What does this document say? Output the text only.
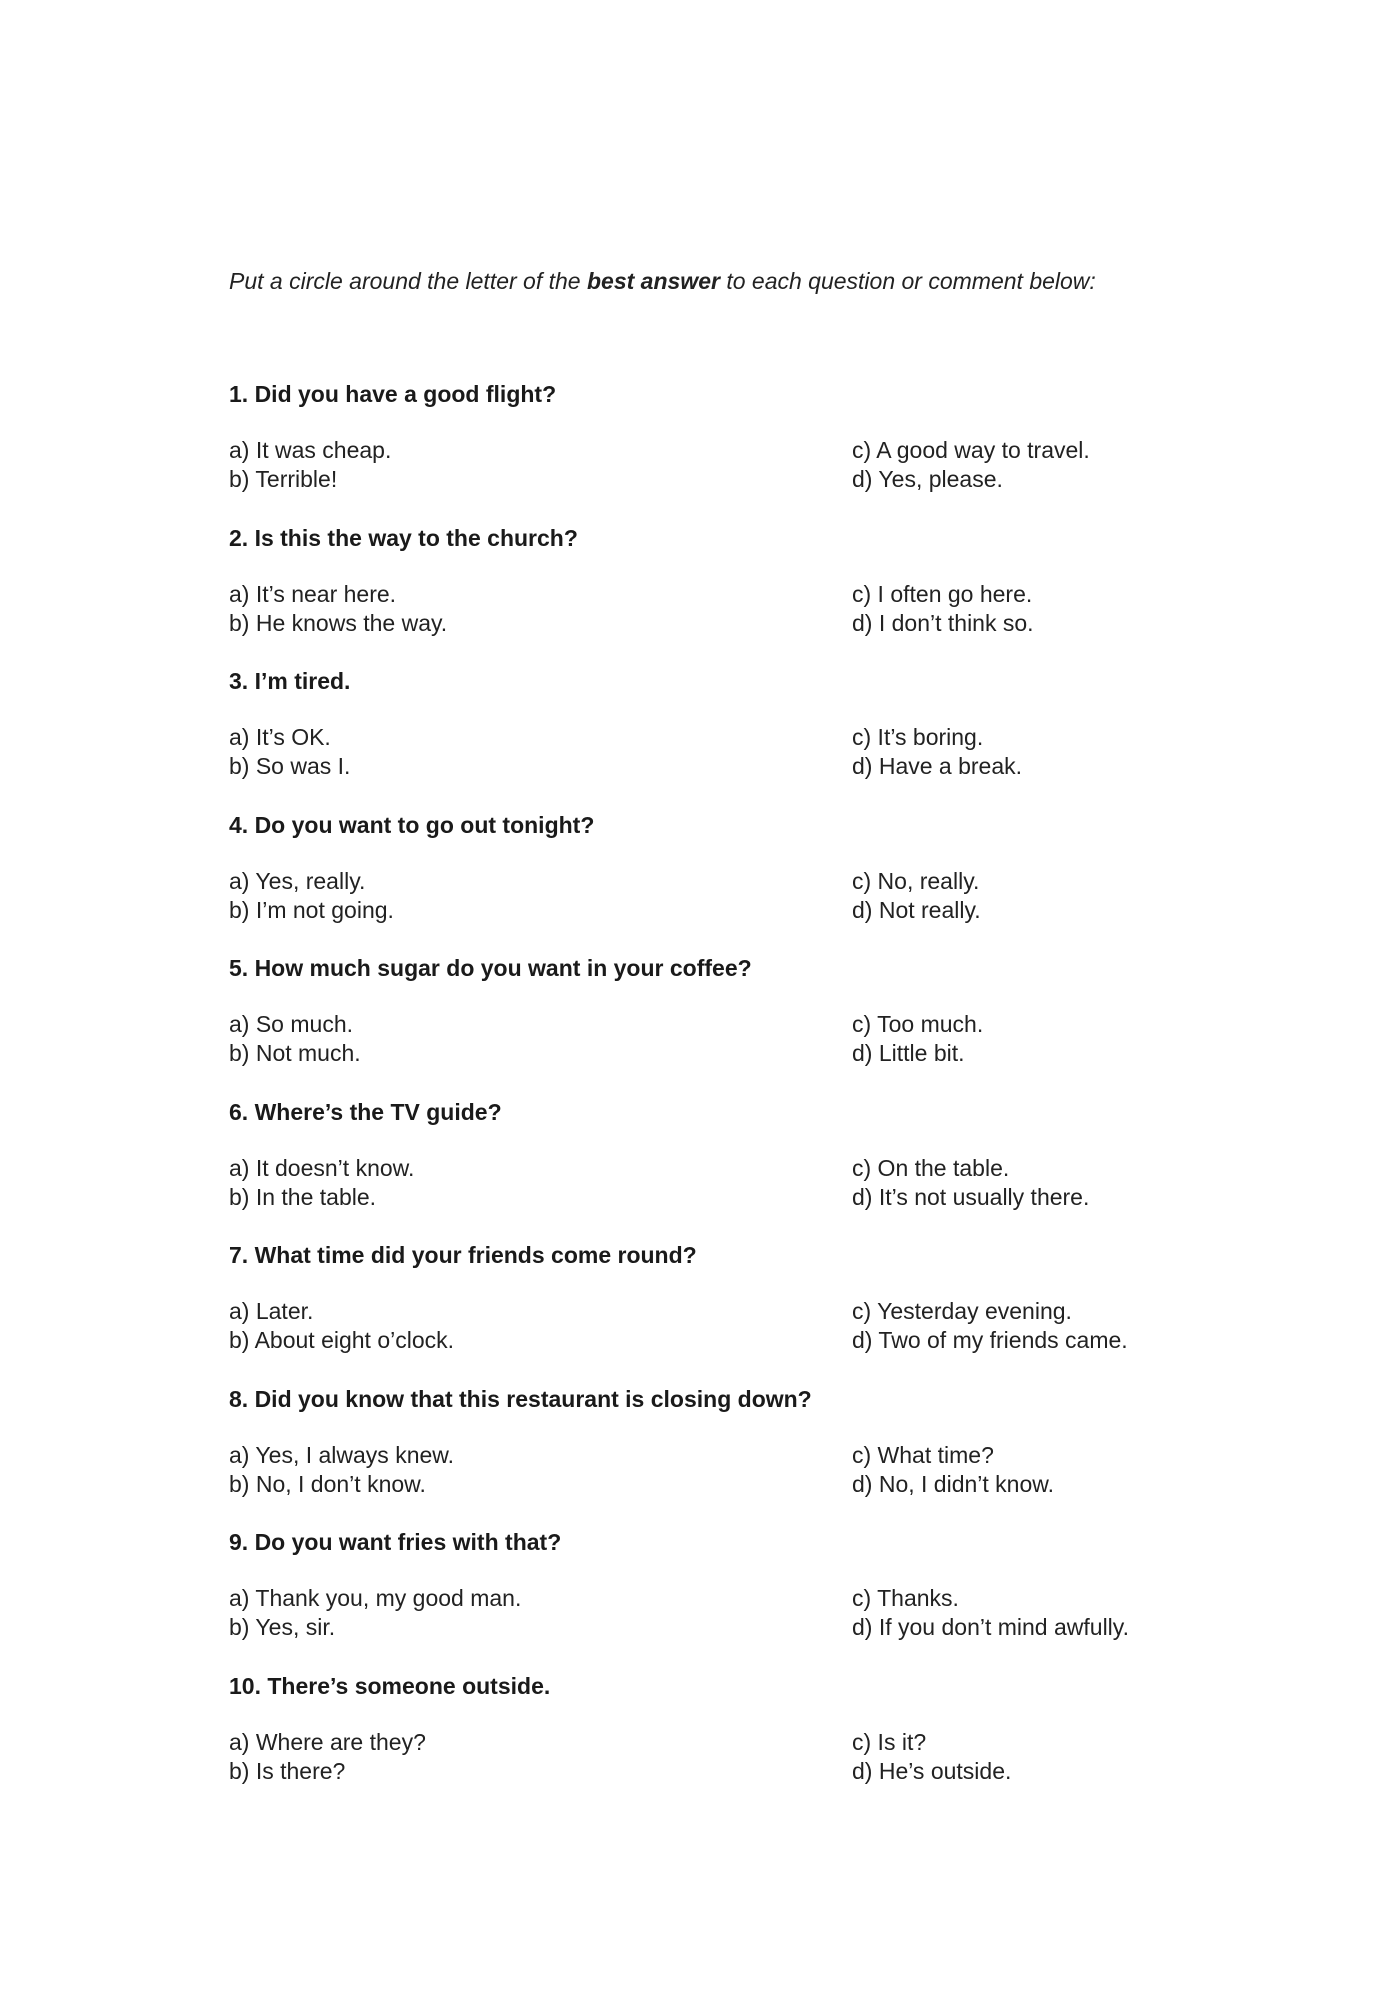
Put a circle around the letter of the best answer to each question or comment below:

1. Did you have a good flight?

a) It was cheap.
b) Terrible!
c) A good way to travel.
d) Yes, please.

2. Is this the way to the church?

a) It’s near here.
b) He knows the way.
c) I often go here.
d) I don’t think so.

3. I’m tired.

a) It’s OK.
b) So was I.
c) It’s boring.
d) Have a break.

4. Do you want to go out tonight?

a) Yes, really.
b) I’m not going.
c) No, really.
d) Not really.

5. How much sugar do you want in your coffee?

a) So much.
b) Not much.
c) Too much.
d) Little bit.

6. Where’s the TV guide?

a) It doesn’t know.
b) In the table.
c) On the table.
d) It’s not usually there.

7. What time did your friends come round?

a) Later.
b) About eight o’clock.
c) Yesterday evening.
d) Two of my friends came.

8. Did you know that this restaurant is closing down?

a) Yes, I always knew.
b) No, I don’t know.
c) What time?
d) No, I didn’t know.

9. Do you want fries with that?

a) Thank you, my good man.
b) Yes, sir.
c) Thanks.
d) If you don’t mind awfully.

10. There’s someone outside.

a) Where are they?
b) Is there?
c) Is it?
d) He’s outside.
